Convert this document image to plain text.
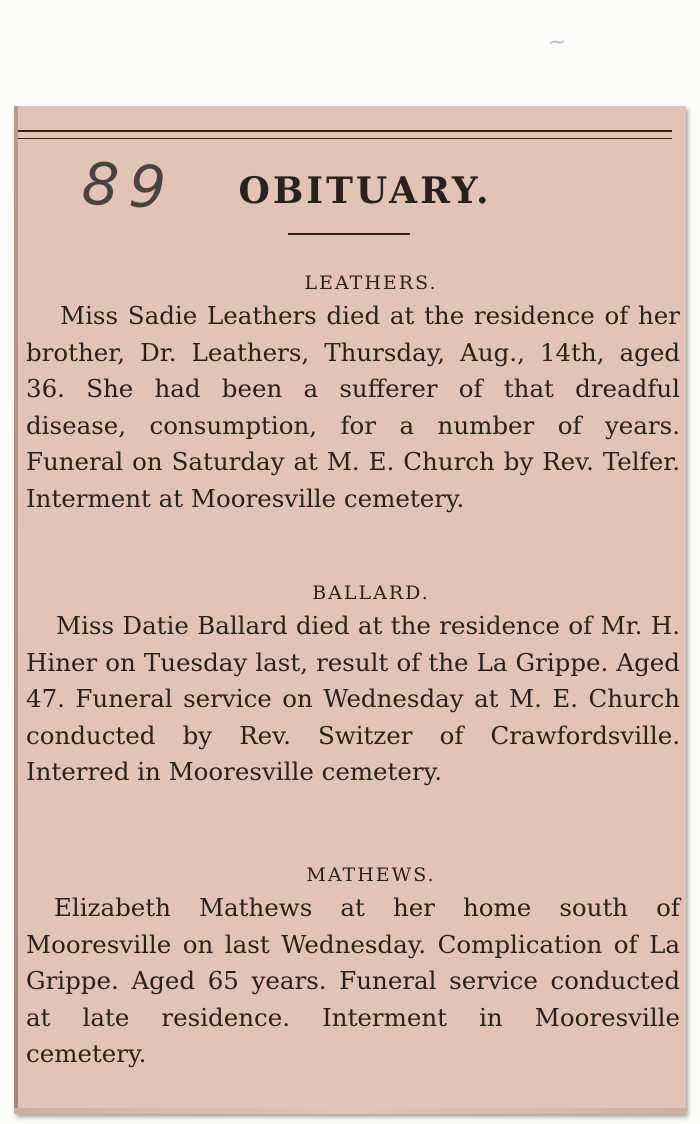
~
89	OBITUARY.

LEATHERS.

Miss Sadie Leathers died at the residence of her brother, Dr. Leathers, Thursday, Aug., 14th, aged 36. She had been a sufferer of that dreadful disease, consumption, for a number of years. Funeral on Saturday at M. E. Church by Rev. Telfer. Interment at Mooresville cemetery.

BALLARD.

Miss Datie Ballard died at the residence of Mr. H. Hiner on Tuesday last, result of the La Grippe. Aged 47. Funeral service on Wednesday at M. E. Church conducted by Rev. Switzer of Crawfordsville. Interred in Mooresville cemetery.

MATHEWS.

Elizabeth Mathews at her home south of Mooresville on last Wednesday. Complication of La Grippe. Aged 65 years. Funeral service conducted at late residence. Interment in Mooresville cemetery.
